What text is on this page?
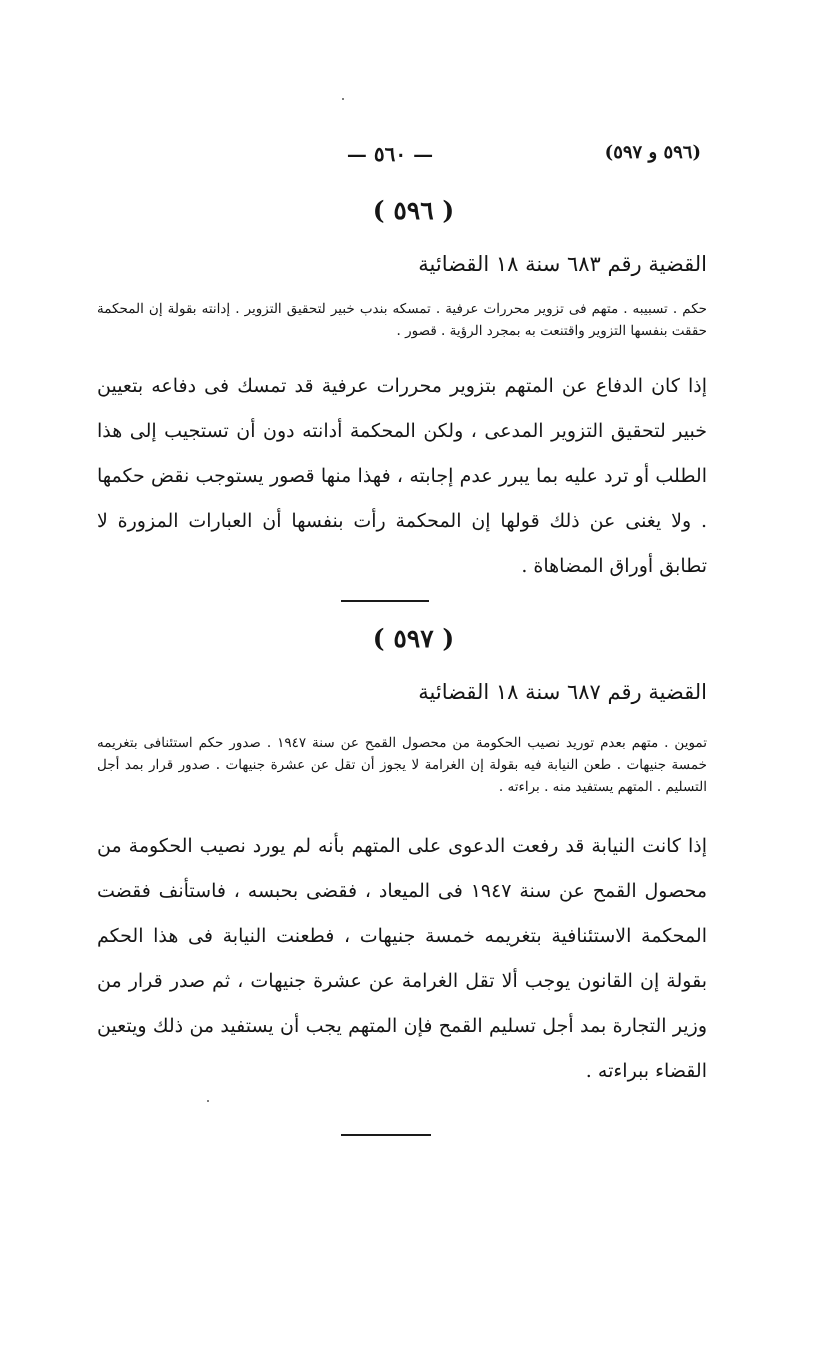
— ٥٦٠ —	(٥٩٦ و ٥٩٧)
( ٥٩٦ )
القضية رقم ٦٨٣ سنة ١٨ القضائية
حكم . تسبيبه . متهم فى تزوير محررات عرفية . تمسكه بندب خبير لتحقيق التزوير . إدانته بقولة إن المحكمة حققت بنفسها التزوير واقتنعت به بمجرد الرؤية . قصور .
إذا كان الدفاع عن المتهم بتزوير محررات عرفية قد تمسك فى دفاعه بتعيين خبير لتحقيق التزوير المدعى ، ولكن المحكمة أدانته دون أن تستجيب إلى هذا الطلب أو ترد عليه بما يبرر عدم إجابته ، فهذا منها قصور يستوجب نقض حكمها . ولا يغنى عن ذلك قولها إن المحكمة رأت بنفسها أن العبارات المزورة لا تطابق أوراق المضاهاة .
( ٥٩٧ )
القضية رقم ٦٨٧ سنة ١٨ القضائية
تموين . متهم بعدم توريد نصيب الحكومة من محصول القمح عن سنة ١٩٤٧ . صدور حكم استئنافى بتغريمه خمسة جنيهات . طعن النيابة فيه بقولة إن الغرامة لا يجوز أن تقل عن عشرة جنيهات . صدور قرار بمد أجل التسليم . المتهم يستفيد منه . براءته .
إذا كانت النيابة قد رفعت الدعوى على المتهم بأنه لم يورد نصيب الحكومة من محصول القمح عن سنة ١٩٤٧ فى الميعاد ، فقضى بحبسه ، فاستأنف فقضت المحكمة الاستئنافية بتغريمه خمسة جنيهات ، فطعنت النيابة فى هذا الحكم بقولة إن القانون يوجب ألا تقل الغرامة عن عشرة جنيهات ، ثم صدر قرار من وزير التجارة بمد أجل تسليم القمح فإن المتهم يجب أن يستفيد من ذلك ويتعين القضاء ببراءته .
